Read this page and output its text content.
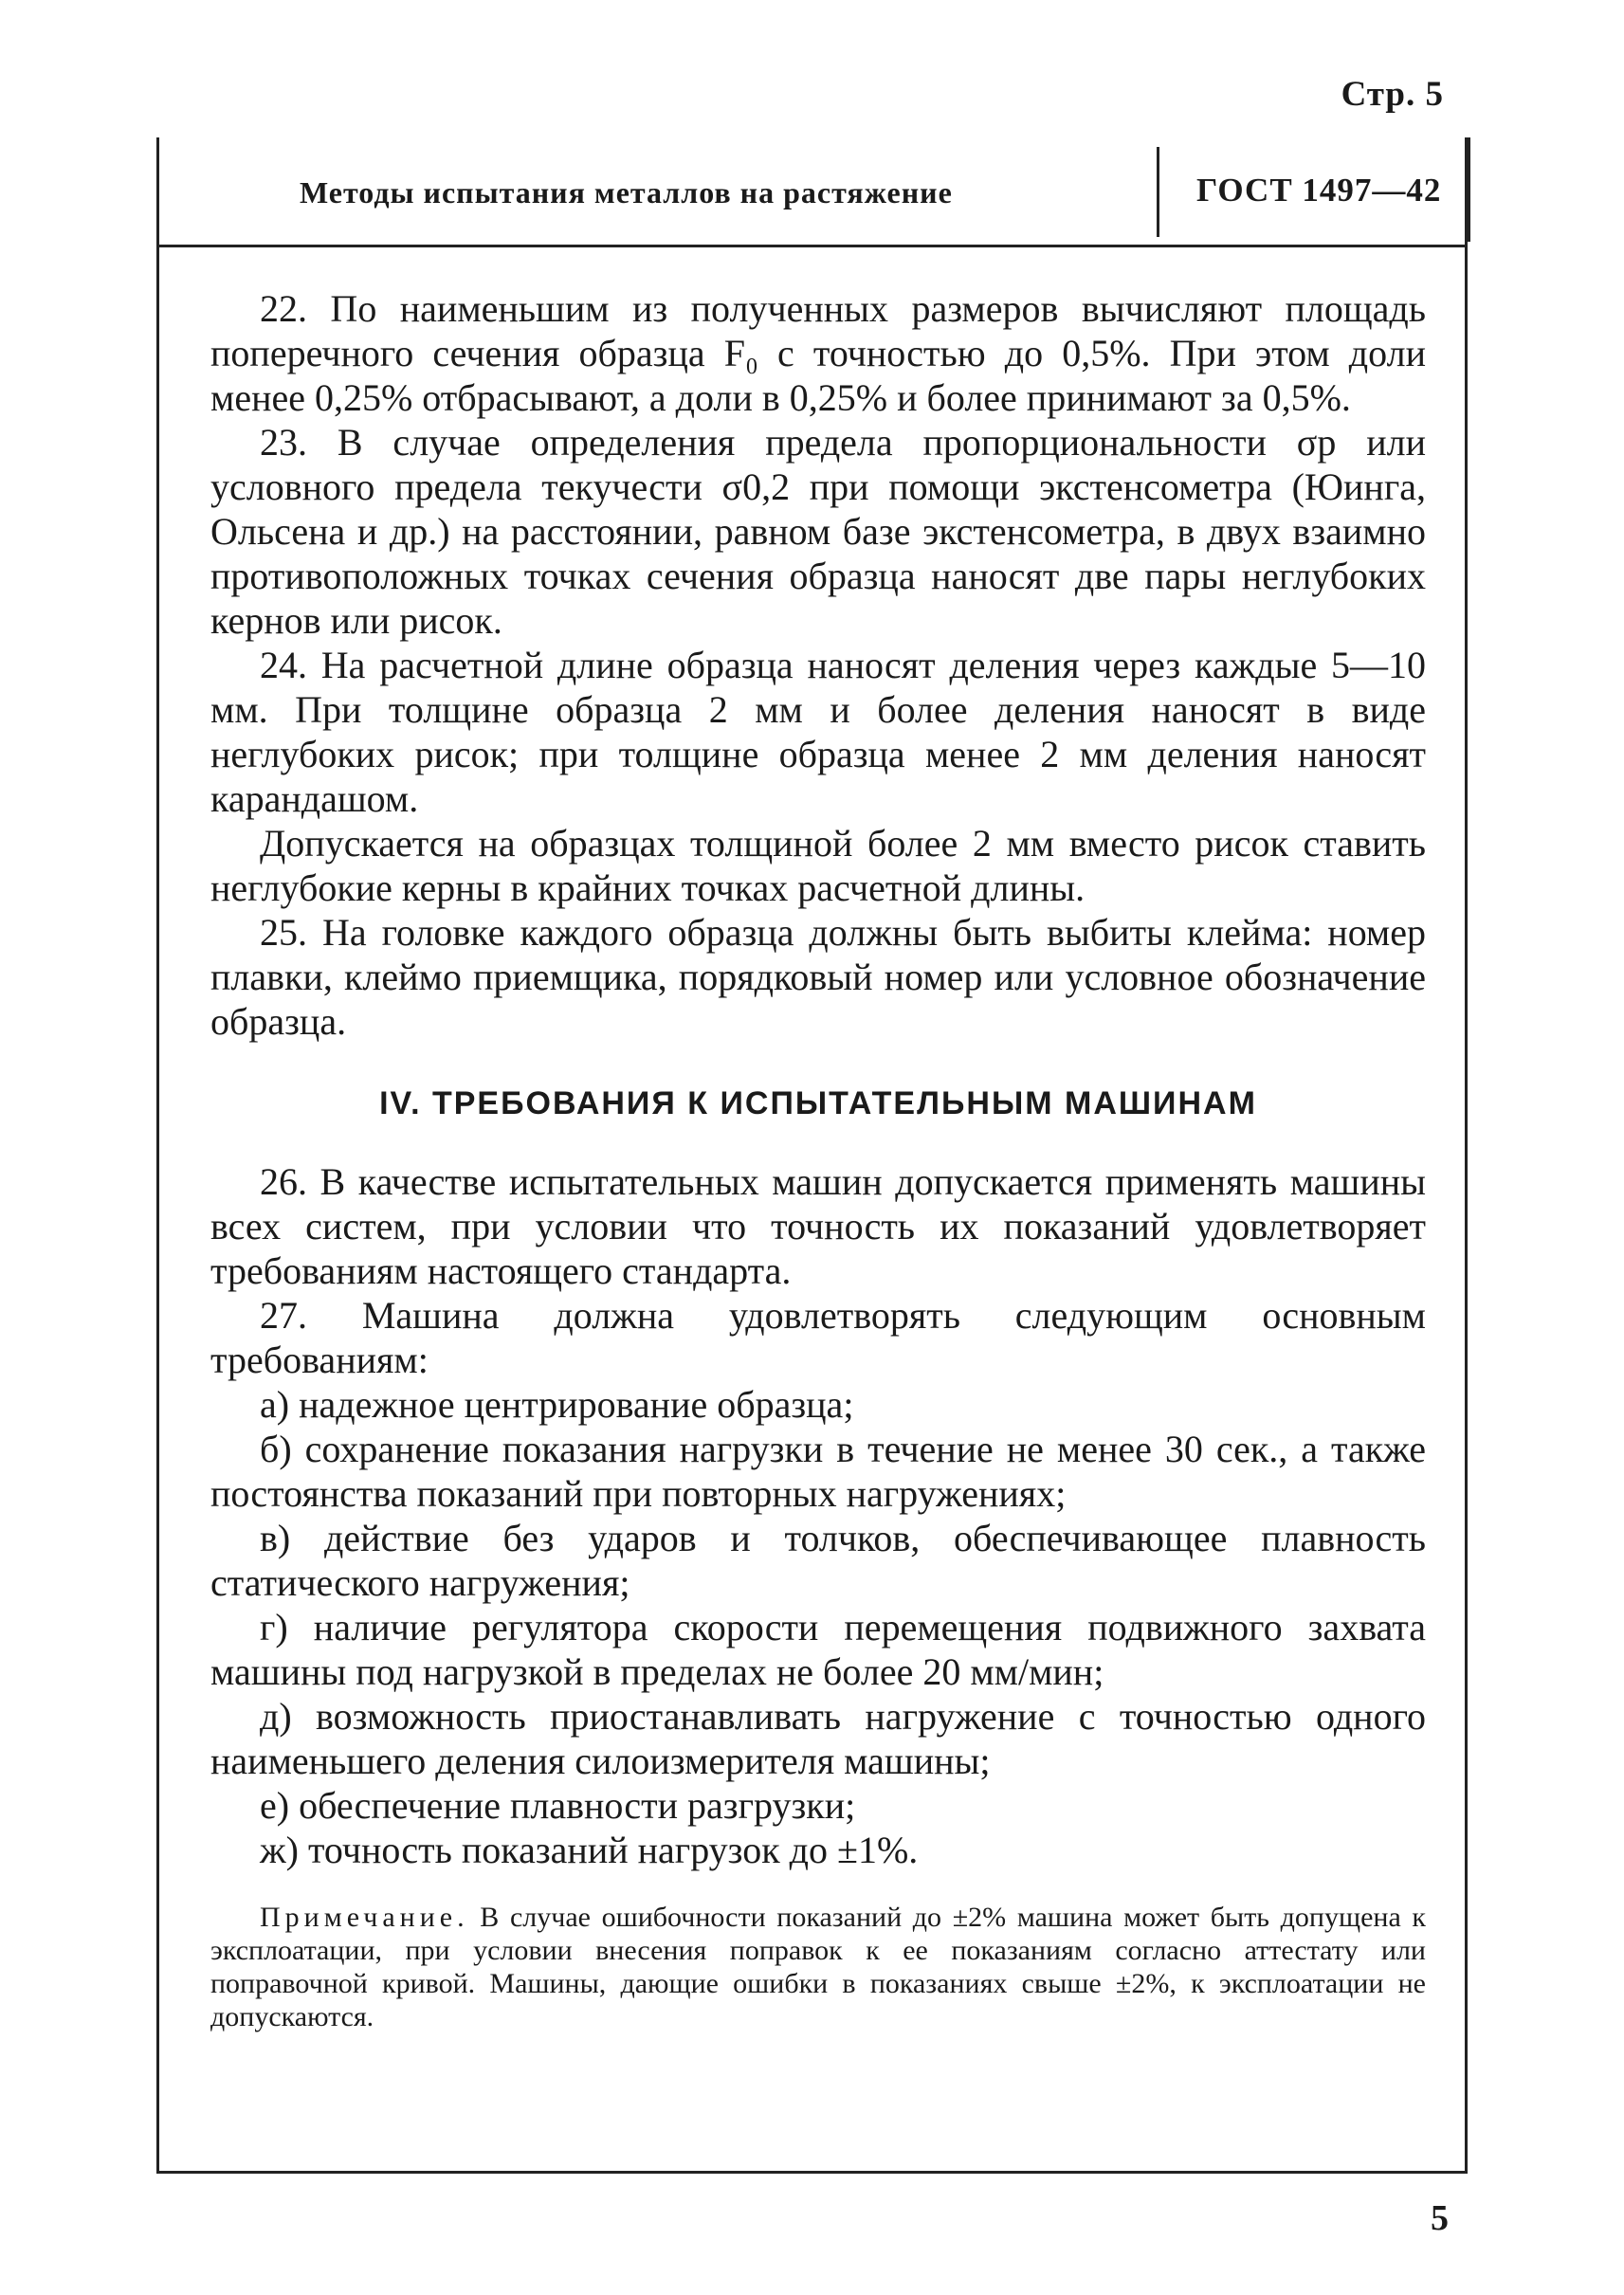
Стр. 5
Методы испытания металлов на растяжение	ГОСТ 1497—42

22. По наименьшим из полученных размеров вычисляют площадь поперечного сечения образца F₀ с точностью до 0,5%. При этом доли менее 0,25% отбрасывают, а доли в 0,25% и более принимают за 0,5%.

23. В случае определения предела пропорциональности σp или условного предела текучести σ0,2 при помощи экстенсометра (Юинга, Ольсена и др.) на расстоянии, равном базе экстенсометра, в двух взаимно противоположных точках сечения образца наносят две пары неглубоких кернов или рисок.

24. На расчетной длине образца наносят деления через каждые 5—10 мм. При толщине образца 2 мм и более деления наносят в виде неглубоких рисок; при толщине образца менее 2 мм деления наносят карандашом.

Допускается на образцах толщиной более 2 мм вместо рисок ставить неглубокие керны в крайних точках расчетной длины.

25. На головке каждого образца должны быть выбиты клейма: номер плавки, клеймо приемщика, порядковый номер или условное обозначение образца.

IV. ТРЕБОВАНИЯ К ИСПЫТАТЕЛЬНЫМ МАШИНАМ

26. В качестве испытательных машин допускается применять машины всех систем, при условии что точность их показаний удовлетворяет требованиям настоящего стандарта.

27. Машина должна удовлетворять следующим основным требованиям:

а) надежное центрирование образца;

б) сохранение показания нагрузки в течение не менее 30 сек., а также постоянства показаний при повторных нагружениях;

в) действие без ударов и толчков, обеспечивающее плавность статического нагружения;

г) наличие регулятора скорости перемещения подвижного захвата машины под нагрузкой в пределах не более 20 мм/мин;

д) возможность приостанавливать нагружение с точностью одного наименьшего деления силоизмерителя машины;

е) обеспечение плавности разгрузки;

ж) точность показаний нагрузок до ±1%.

Примечание. В случае ошибочности показаний до ±2% машина может быть допущена к эксплоатации, при условии внесения поправок к ее показаниям согласно аттестату или поправочной кривой. Машины, дающие ошибки в показаниях свыше ±2%, к эксплоатации не допускаются.

5
